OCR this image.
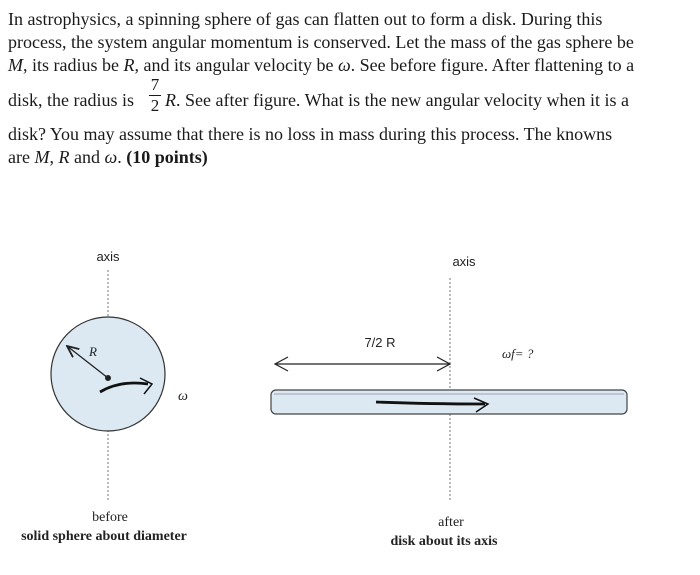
In astrophysics, a spinning sphere of gas can flatten out to form a disk. During this
process, the system angular momentum is conserved. Let the mass of the gas sphere be
M, its radius be R, and its angular velocity be ω. See before figure. After flattening to a
disk, the radius is
7
2 R. See after figure. What is the new angular velocity when it is a
disk? You may assume that there is no loss in mass during this process. The knowns
are M, R and ω. (10 points)
axis
R
ω
before
solid sphere about diameter
axis
7/2 R
ωf= ?
after
disk about its axis
